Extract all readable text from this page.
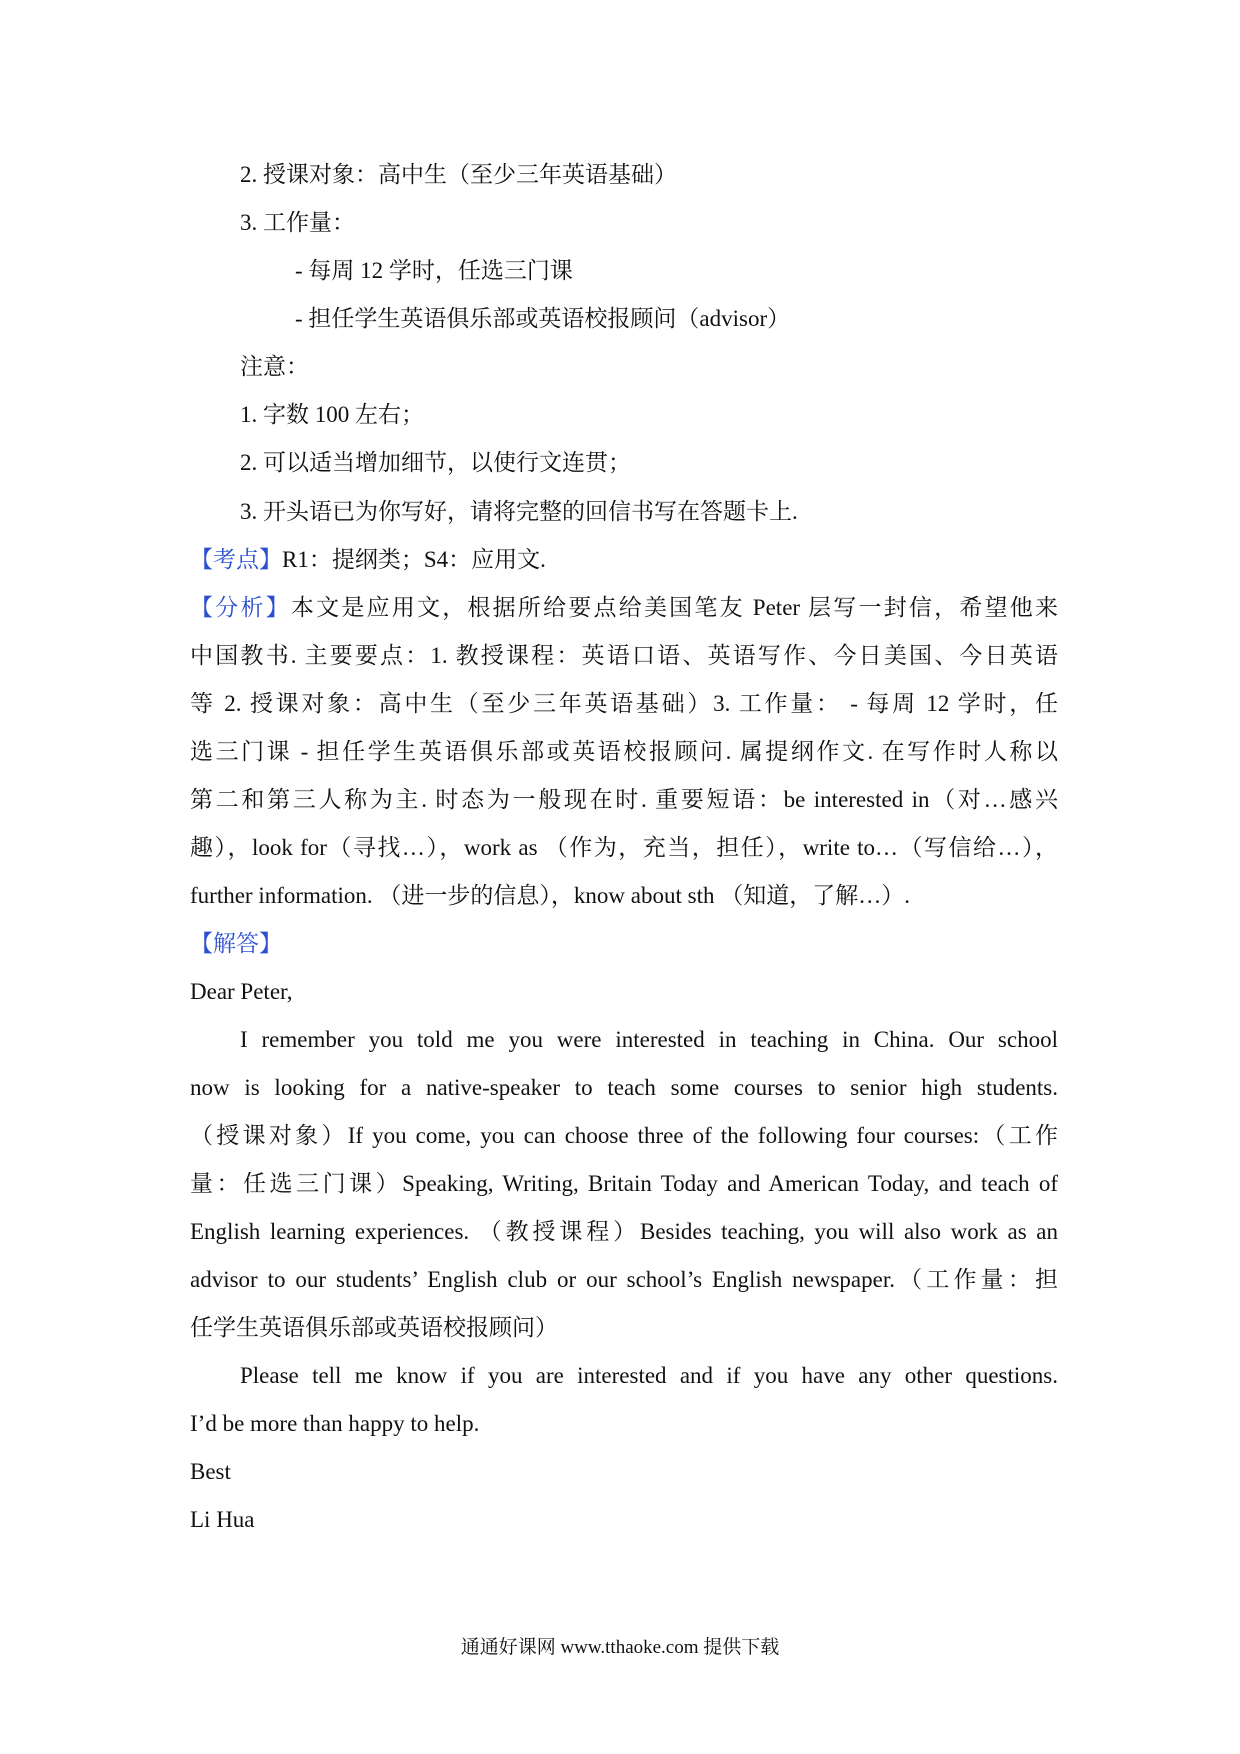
2. 授课对象：高中生（至少三年英语基础）
3. 工作量：
- 每周 12 学时，任选三门课
- 担任学生英语俱乐部或英语校报顾问（advisor）
注意：
1. 字数 100 左右；
2. 可以适当增加细节，以使行文连贯；
3. 开头语已为你写好，请将完整的回信书写在答题卡上.
【考点】R1：提纲类；S4：应用文.
【分析】本文是应用文，根据所给要点给美国笔友 Peter 层写一封信，希望他来
中国教书. 主要要点：1. 教授课程：英语口语、英语写作、今日美国、今日英语
等 2. 授课对象：高中生（至少三年英语基础）3. 工作量： - 每周 12 学时，任
选三门课 - 担任学生英语俱乐部或英语校报顾问. 属提纲作文. 在写作时人称以
第二和第三人称为主. 时态为一般现在时. 重要短语：be interested in（对…感兴
趣），look for（寻找…），work as （作为，充当，担任），write to…（写信给…），
further information. （进一步的信息），know about sth （知道，了解…）.
【解答】
Dear Peter,
I remember you told me you were interested in teaching in China. Our school
now is looking for a native-speaker to teach some courses to senior high students.
（授课对象）If you come, you can choose three of the following four courses:（工作
量：任选三门课）Speaking, Writing, Britain Today and American Today, and teach of
English learning experiences. （教授课程）Besides teaching, you will also work as an
advisor to our students’ English club or our school’s English newspaper.（工作量：担
任学生英语俱乐部或英语校报顾问）
Please tell me know if you are interested and if you have any other questions.
I’d be more than happy to help.
Best
Li Hua
通通好课网 www.tthaoke.com 提供下载
